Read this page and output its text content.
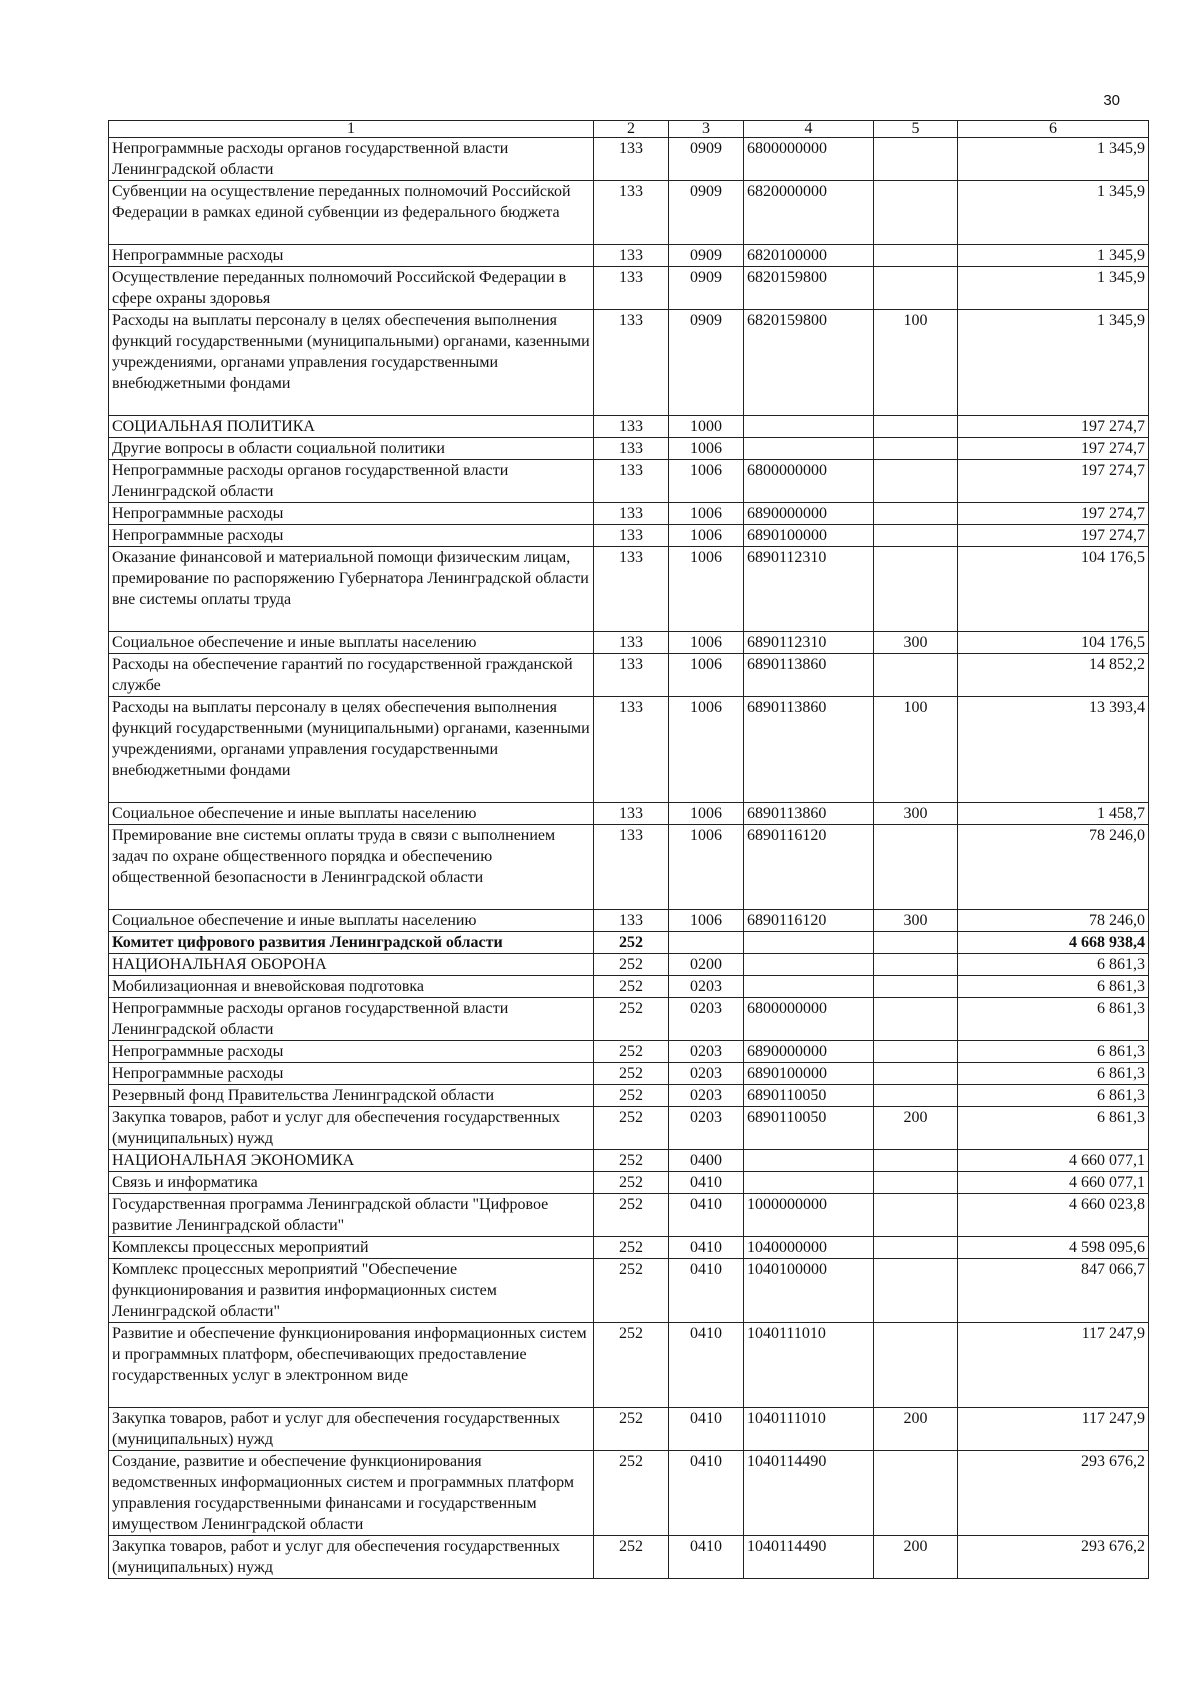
30
1	2	3	4	5	6
Непрограммные расходы органов государственной власти Ленинградской области	133	0909	6800000000		1 345,9
Субвенции на осуществление переданных полномочий Российской Федерации в рамках единой субвенции из федерального бюджета	133	0909	6820000000		1 345,9
Непрограммные расходы	133	0909	6820100000		1 345,9
Осуществление переданных полномочий Российской Федерации в сфере охраны здоровья	133	0909	6820159800		1 345,9
Расходы на выплаты персоналу в целях обеспечения выполнения функций государственными (муниципальными) органами, казенными учреждениями, органами управления государственными внебюджетными фондами	133	0909	6820159800	100	1 345,9
СОЦИАЛЬНАЯ ПОЛИТИКА	133	1000			197 274,7
Другие вопросы в области социальной политики	133	1006			197 274,7
Непрограммные расходы органов государственной власти Ленинградской области	133	1006	6800000000		197 274,7
Непрограммные расходы	133	1006	6890000000		197 274,7
Непрограммные расходы	133	1006	6890100000		197 274,7
Оказание финансовой и материальной помощи физическим лицам, премирование по распоряжению Губернатора Ленинградской области вне системы оплаты труда	133	1006	6890112310		104 176,5
Социальное обеспечение и иные выплаты населению	133	1006	6890112310	300	104 176,5
Расходы на обеспечение гарантий по государственной гражданской службе	133	1006	6890113860		14 852,2
Расходы на выплаты персоналу в целях обеспечения выполнения функций государственными (муниципальными) органами, казенными учреждениями, органами управления государственными внебюджетными фондами	133	1006	6890113860	100	13 393,4
Социальное обеспечение и иные выплаты населению	133	1006	6890113860	300	1 458,7
Премирование вне системы оплаты труда в связи с выполнением задач по охране общественного порядка и обеспечению общественной безопасности в Ленинградской области	133	1006	6890116120		78 246,0
Социальное обеспечение и иные выплаты населению	133	1006	6890116120	300	78 246,0
Комитет цифрового развития Ленинградской области	252				4 668 938,4
НАЦИОНАЛЬНАЯ ОБОРОНА	252	0200			6 861,3
Мобилизационная и вневойсковая подготовка	252	0203			6 861,3
Непрограммные расходы органов государственной власти Ленинградской области	252	0203	6800000000		6 861,3
Непрограммные расходы	252	0203	6890000000		6 861,3
Непрограммные расходы	252	0203	6890100000		6 861,3
Резервный фонд Правительства Ленинградской области	252	0203	6890110050		6 861,3
Закупка товаров, работ и услуг для обеспечения государственных (муниципальных) нужд	252	0203	6890110050	200	6 861,3
НАЦИОНАЛЬНАЯ ЭКОНОМИКА	252	0400			4 660 077,1
Связь и информатика	252	0410			4 660 077,1
Государственная программа Ленинградской области "Цифровое развитие Ленинградской области"	252	0410	1000000000		4 660 023,8
Комплексы процессных мероприятий	252	0410	1040000000		4 598 095,6
Комплекс процессных мероприятий "Обеспечение функционирования и развития информационных систем Ленинградской области"	252	0410	1040100000		847 066,7
Развитие и обеспечение функционирования информационных систем и программных платформ, обеспечивающих предоставление государственных услуг в электронном виде	252	0410	1040111010		117 247,9
Закупка товаров, работ и услуг для обеспечения государственных (муниципальных) нужд	252	0410	1040111010	200	117 247,9
Создание, развитие и обеспечение функционирования ведомственных информационных систем и программных платформ управления государственными финансами и государственным имуществом Ленинградской области	252	0410	1040114490		293 676,2
Закупка товаров, работ и услуг для обеспечения государственных (муниципальных) нужд	252	0410	1040114490	200	293 676,2
